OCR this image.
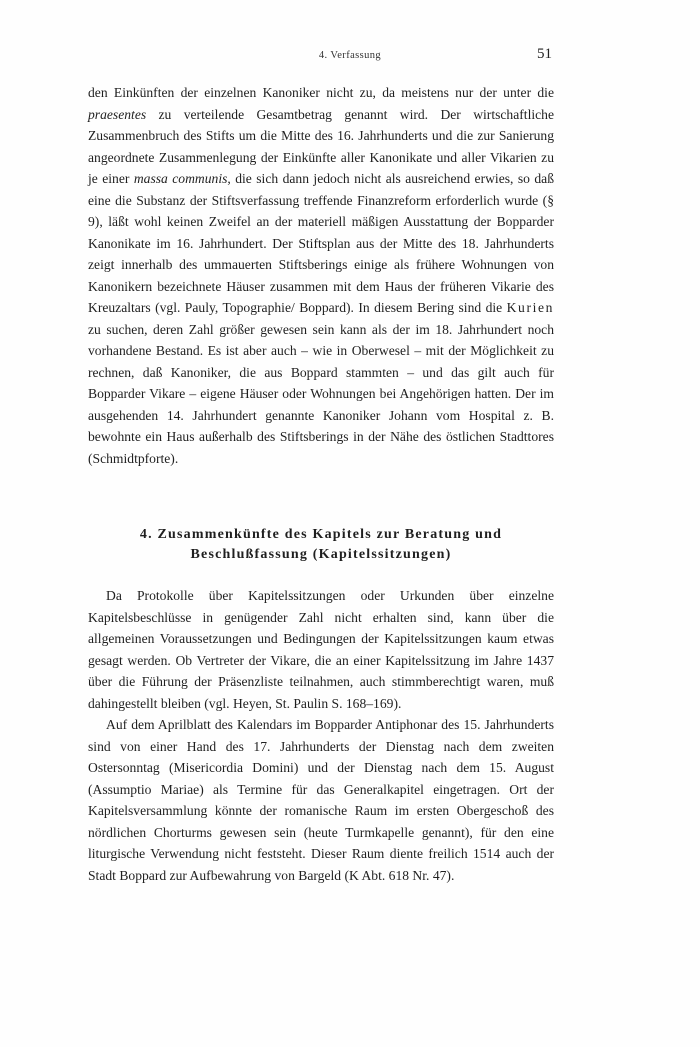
4. Verfassung	51

den Einkünften der einzelnen Kanoniker nicht zu, da meistens nur der unter die praesentes zu verteilende Gesamtbetrag genannt wird. Der wirtschaftliche Zusammenbruch des Stifts um die Mitte des 16. Jahrhunderts und die zur Sanierung angeordnete Zusammenlegung der Einkünfte aller Kanonikate und aller Vikarien zu je einer massa communis, die sich dann jedoch nicht als ausreichend erwies, so daß eine die Substanz der Stiftsverfassung treffende Finanzreform erforderlich wurde (§ 9), läßt wohl keinen Zweifel an der materiell mäßigen Ausstattung der Bopparder Kanonikate im 16. Jahrhundert. Der Stiftsplan aus der Mitte des 18. Jahrhunderts zeigt innerhalb des ummauerten Stiftsberings einige als frühere Wohnungen von Kanonikern bezeichnete Häuser zusammen mit dem Haus der früheren Vikarie des Kreuzaltars (vgl. Pauly, Topographie/ Boppard). In diesem Bering sind die Kurien zu suchen, deren Zahl größer gewesen sein kann als der im 18. Jahrhundert noch vorhandene Bestand. Es ist aber auch – wie in Oberwesel – mit der Möglichkeit zu rechnen, daß Kanoniker, die aus Boppard stammten – und das gilt auch für Bopparder Vikare – eigene Häuser oder Wohnungen bei Angehörigen hatten. Der im ausgehenden 14. Jahrhundert genannte Kanoniker Johann vom Hospital z. B. bewohnte ein Haus außerhalb des Stiftsberings in der Nähe des östlichen Stadttores (Schmidtpforte).

4. Zusammenkünfte des Kapitels zur Beratung und
Beschlußfassung (Kapitelssitzungen)

Da Protokolle über Kapitelssitzungen oder Urkunden über einzelne Kapitelsbeschlüsse in genügender Zahl nicht erhalten sind, kann über die allgemeinen Voraussetzungen und Bedingungen der Kapitelssitzungen kaum etwas gesagt werden. Ob Vertreter der Vikare, die an einer Kapitelssitzung im Jahre 1437 über die Führung der Präsenzliste teilnahmen, auch stimmberechtigt waren, muß dahingestellt bleiben (vgl. Heyen, St. Paulin S. 168–169).

Auf dem Aprilblatt des Kalendars im Bopparder Antiphonar des 15. Jahrhunderts sind von einer Hand des 17. Jahrhunderts der Dienstag nach dem zweiten Ostersonntag (Misericordia Domini) und der Dienstag nach dem 15. August (Assumptio Mariae) als Termine für das Generalkapitel eingetragen. Ort der Kapitelsversammlung könnte der romanische Raum im ersten Obergeschoß des nördlichen Chorturms gewesen sein (heute Turmkapelle genannt), für den eine liturgische Verwendung nicht feststeht. Dieser Raum diente freilich 1514 auch der Stadt Boppard zur Aufbewahrung von Bargeld (K Abt. 618 Nr. 47).
